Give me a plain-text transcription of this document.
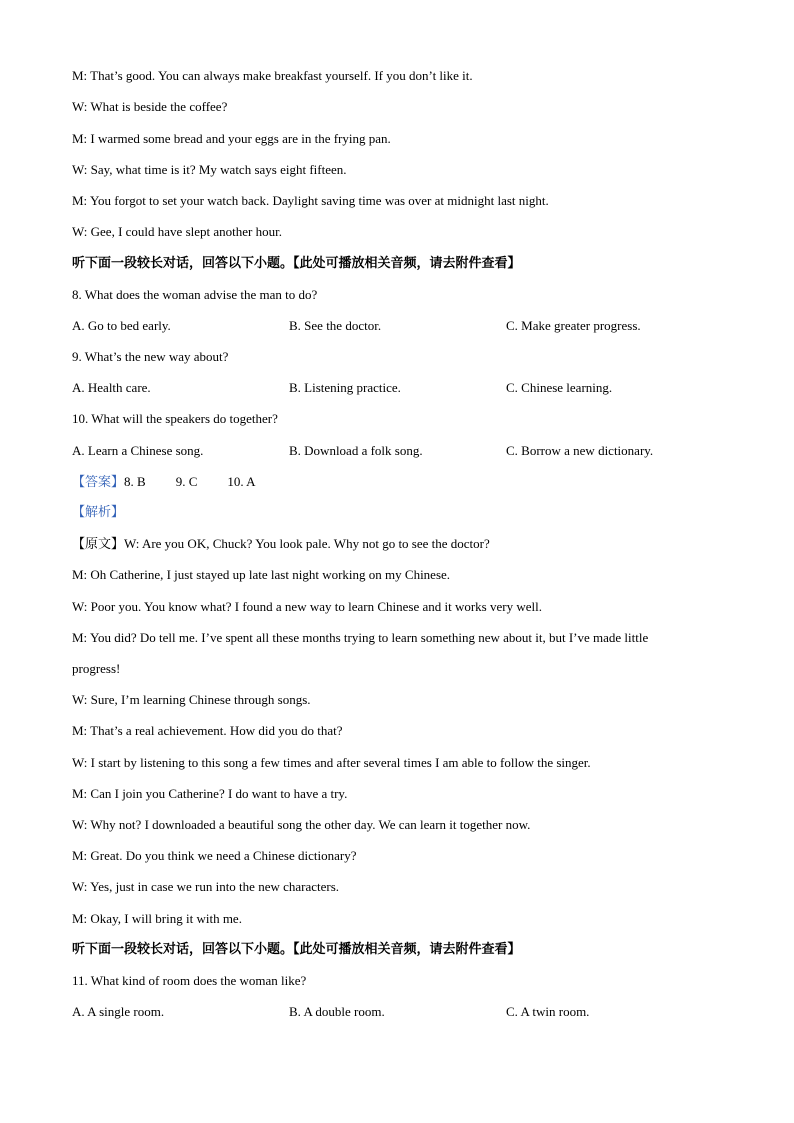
M: That’s good. You can always make breakfast yourself. If you don’t like it.
W: What is beside the coffee?
M: I warmed some bread and your eggs are in the frying pan.
W: Say, what time is it? My watch says eight fifteen.
M: You forgot to set your watch back. Daylight saving time was over at midnight last night.
W: Gee, I could have slept another hour.
听下面一段较长对话，回答以下小题。【此处可播放相关音频，请去附件查看】
8. What does the woman advise the man to do?
A. Go to bed early.	B. See the doctor.	C. Make greater progress.
9. What’s the new way about?
A. Health care.	B. Listening practice.	C. Chinese learning.
10. What will the speakers do together?
A. Learn a Chinese song.	B. Download a folk song.	C. Borrow a new dictionary.
【答案】8. B 9. C 10. A
【解析】
【原文】W: Are you OK, Chuck? You look pale. Why not go to see the doctor?
M: Oh Catherine, I just stayed up late last night working on my Chinese.
W: Poor you. You know what? I found a new way to learn Chinese and it works very well.
M: You did? Do tell me. I’ve spent all these months trying to learn something new about it, but I’ve made little
progress!
W: Sure, I’m learning Chinese through songs.
M: That’s a real achievement. How did you do that?
W: I start by listening to this song a few times and after several times I am able to follow the singer.
M: Can I join you Catherine? I do want to have a try.
W: Why not? I downloaded a beautiful song the other day. We can learn it together now.
M: Great. Do you think we need a Chinese dictionary?
W: Yes, just in case we run into the new characters.
M: Okay, I will bring it with me.
听下面一段较长对话，回答以下小题。【此处可播放相关音频，请去附件查看】
11. What kind of room does the woman like?
A. A single room.	B. A double room.	C. A twin room.
